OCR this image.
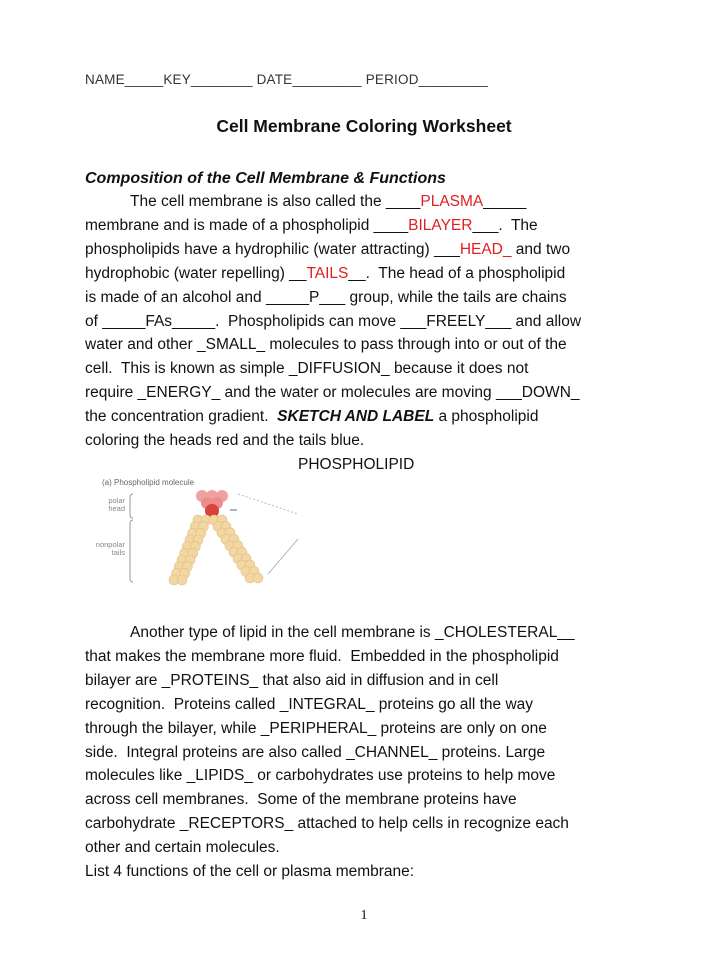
NAME_____KEY________ DATE_________ PERIOD_________
Cell Membrane Coloring Worksheet
Composition of the Cell Membrane & Functions
The cell membrane is also called the ____PLASMA_____
membrane and is made of a phospholipid ____BILAYER___.  The
phospholipids have a hydrophilic (water attracting) ___HEAD_ and two
hydrophobic (water repelling) __TAILS__.  The head of a phospholipid
is made of an alcohol and _____P___ group, while the tails are chains
of _____FAs_____.  Phospholipids can move ___FREELY___ and allow
water and other _SMALL_ molecules to pass through into or out of the
cell.  This is known as simple _DIFFUSION_ because it does not
require _ENERGY_ and the water or molecules are moving ___DOWN_
the concentration gradient.  SKETCH AND LABEL a phospholipid
coloring the heads red and the tails blue.
PHOSPHOLIPID
(a) Phospholipid molecule
polar
head
nonpolar
tails
Another type of lipid in the cell membrane is _CHOLESTERAL__
that makes the membrane more fluid.  Embedded in the phospholipid
bilayer are _PROTEINS_ that also aid in diffusion and in cell
recognition.  Proteins called _INTEGRAL_ proteins go all the way
through the bilayer, while _PERIPHERAL_ proteins are only on one
side.  Integral proteins are also called _CHANNEL_ proteins. Large
molecules like _LIPIDS_ or carbohydrates use proteins to help move
across cell membranes.  Some of the membrane proteins have
carbohydrate _RECEPTORS_ attached to help cells in recognize each
other and certain molecules.
List 4 functions of the cell or plasma membrane:
1
